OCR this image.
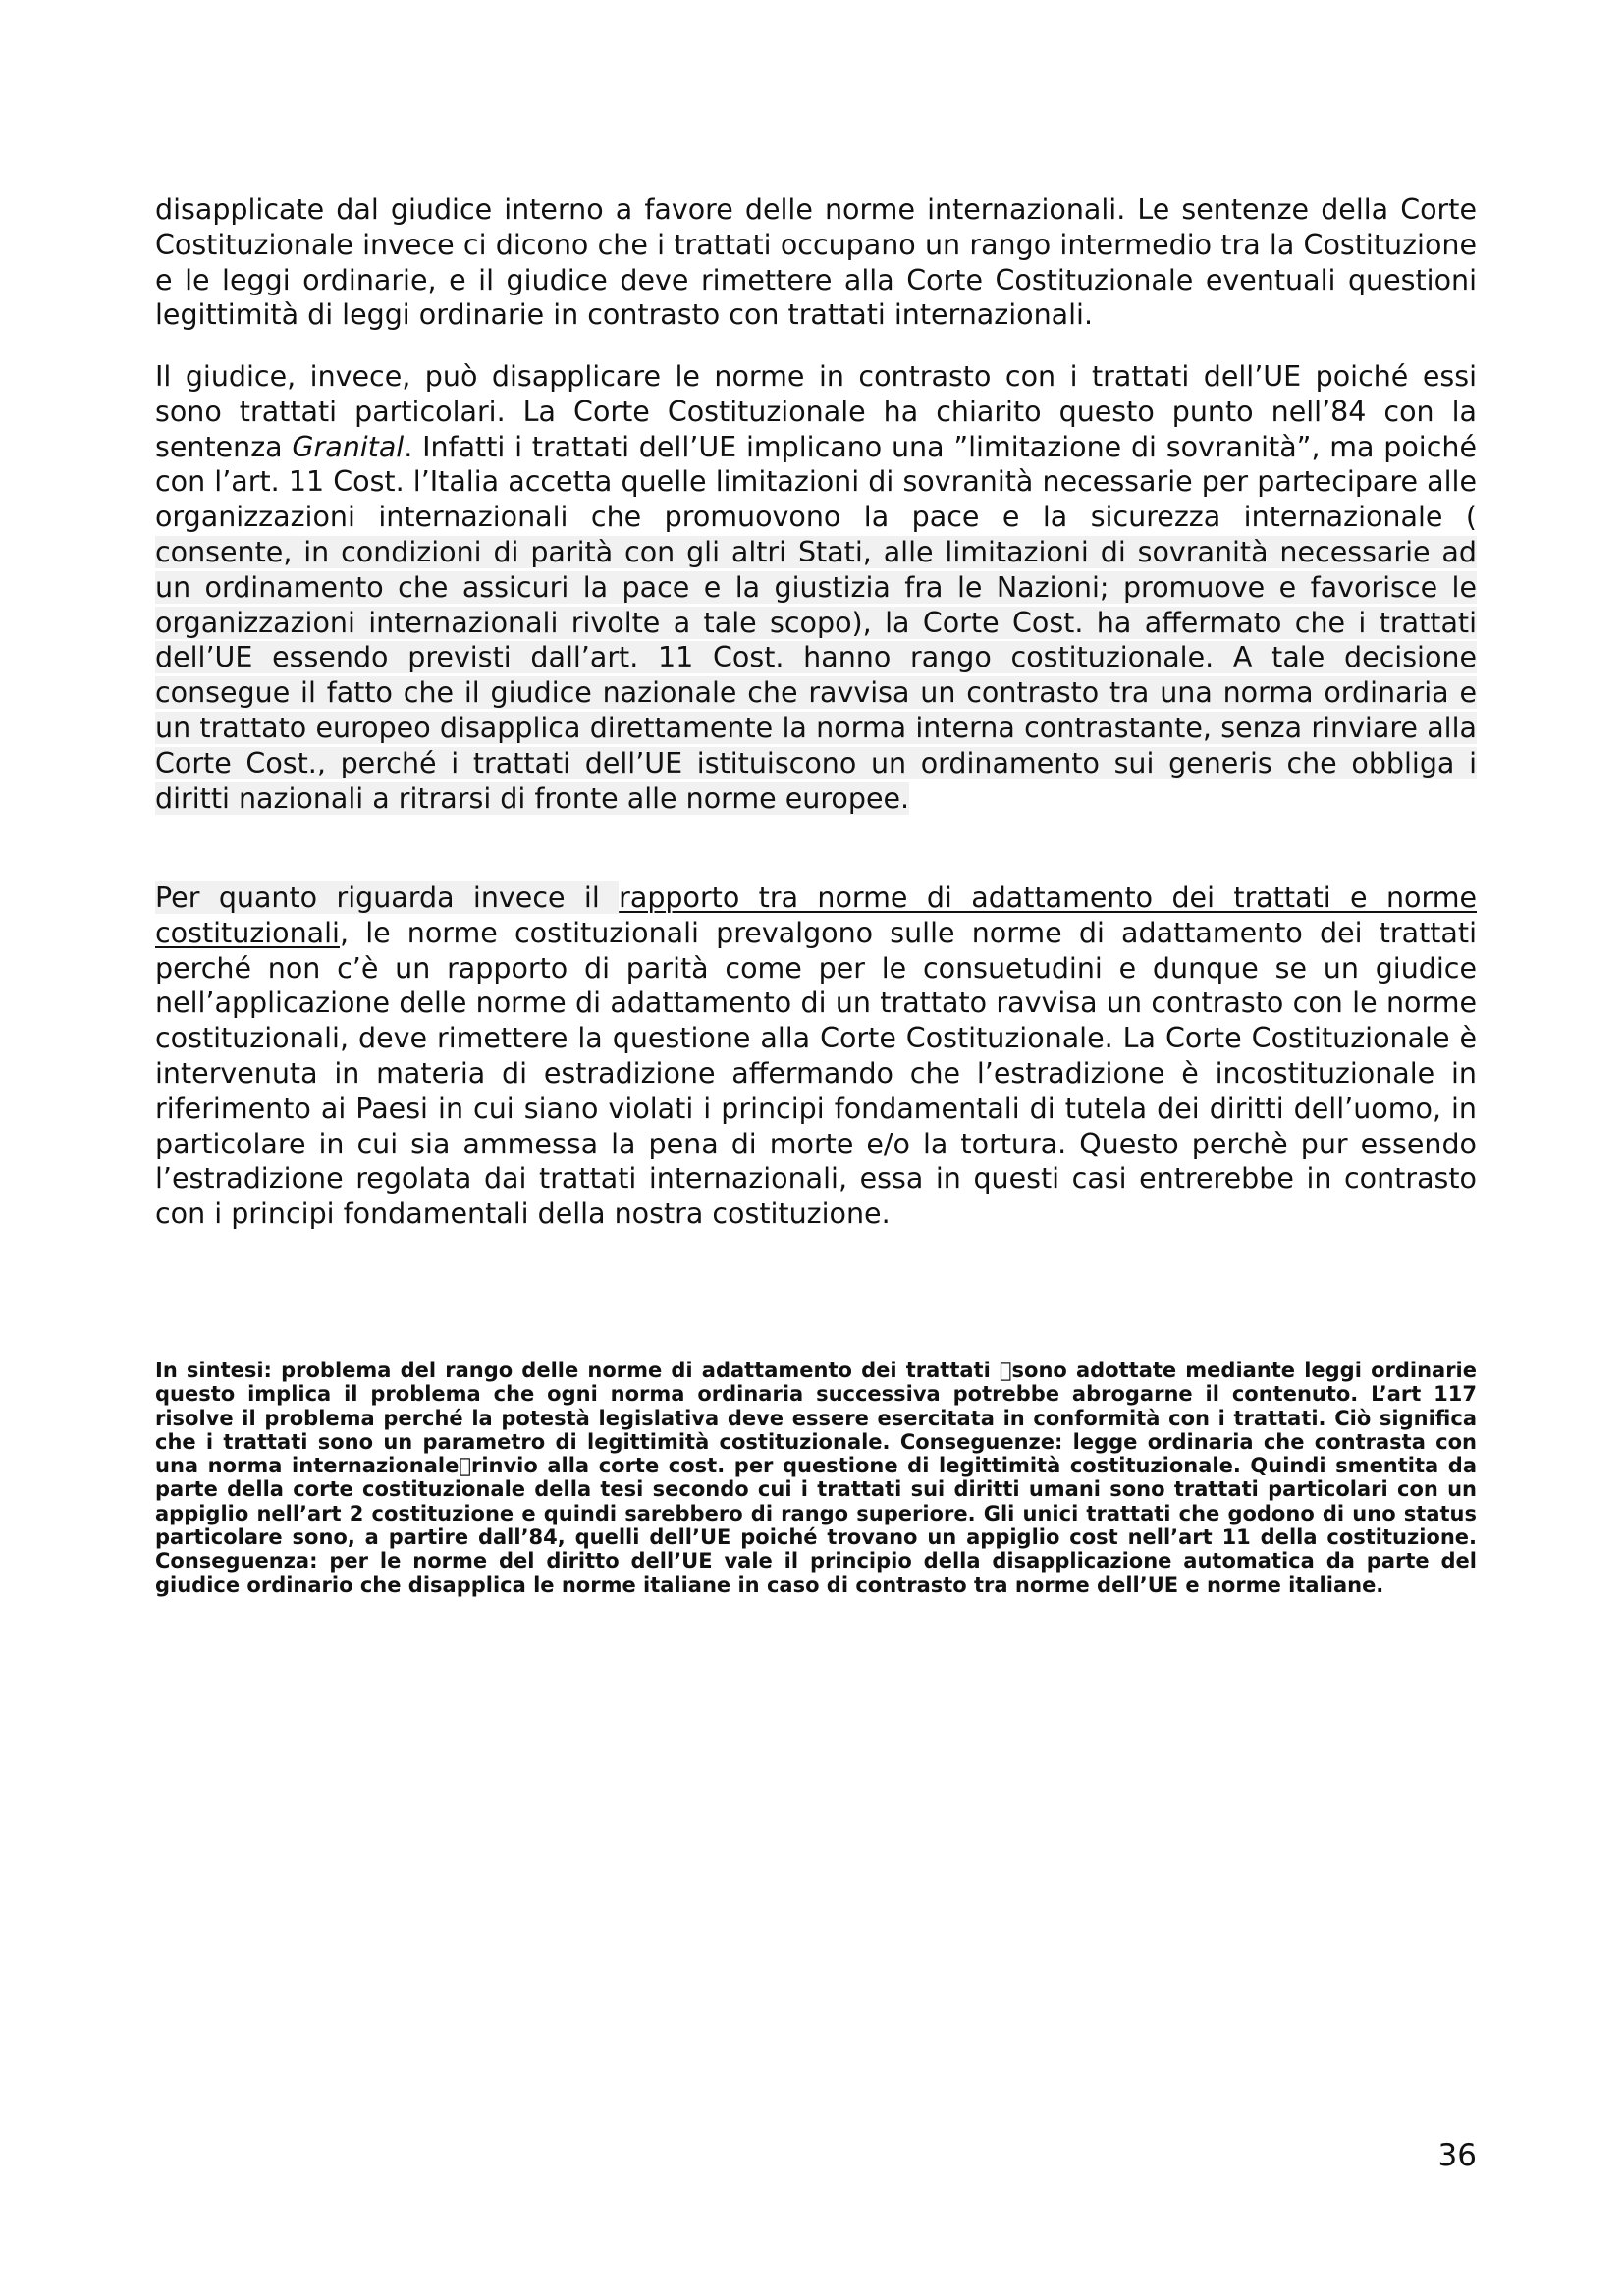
disapplicate dal giudice interno a favore delle norme internazionali. Le sentenze della Corte Costituzionale invece ci dicono che i trattati occupano un rango intermedio tra la Costituzione e le leggi ordinarie, e il giudice deve rimettere alla Corte Costituzionale eventuali questioni legittimità di leggi ordinarie in contrasto con trattati internazionali.

Il giudice, invece, può disapplicare le norme in contrasto con i trattati dell’UE poiché essi sono trattati particolari. La Corte Costituzionale ha chiarito questo punto nell’84 con la sentenza Granital. Infatti i trattati dell’UE implicano una ”limitazione di sovranità”, ma poiché con l’art. 11 Cost. l’Italia accetta quelle limitazioni di sovranità necessarie per partecipare alle organizzazioni internazionali che promuovono la pace e la sicurezza internazionale ( consente, in condizioni di parità con gli altri Stati, alle limitazioni di sovranità necessarie ad un ordinamento che assicuri la pace e la giustizia fra le Nazioni; promuove e favorisce le organizzazioni internazionali rivolte a tale scopo), la Corte Cost. ha affermato che i trattati dell’UE essendo previsti dall’art. 11 Cost. hanno rango costituzionale. A tale decisione consegue il fatto che il giudice nazionale che ravvisa un contrasto tra una norma ordinaria e un trattato europeo disapplica direttamente la norma interna contrastante, senza rinviare alla Corte Cost., perché i trattati dell’UE istituiscono un ordinamento sui generis che obbliga i diritti nazionali a ritrarsi di fronte alle norme europee.

Per quanto riguarda invece il rapporto tra norme di adattamento dei trattati e norme costituzionali, le norme costituzionali prevalgono sulle norme di adattamento dei trattati perché non c’è un rapporto di parità come per le consuetudini e dunque se un giudice nell’applicazione delle norme di adattamento di un trattato ravvisa un contrasto con le norme costituzionali, deve rimettere la questione alla Corte Costituzionale. La Corte Costituzionale è intervenuta in materia di estradizione affermando che l’estradizione è incostituzionale in riferimento ai Paesi in cui siano violati i principi fondamentali di tutela dei diritti dell’uomo, in particolare in cui sia ammessa la pena di morte e/o la tortura. Questo perchè pur essendo l’estradizione regolata dai trattati internazionali, essa in questi casi entrerebbe in contrasto con i principi fondamentali della nostra costituzione.

In sintesi: problema del rango delle norme di adattamento dei trattati sono adottate mediante leggi ordinarie questo implica il problema che ogni norma ordinaria successiva potrebbe abrogarne il contenuto. L’art 117 risolve il problema perché la potestà legislativa deve essere esercitata in conformità con i trattati. Ciò significa che i trattati sono un parametro di legittimità costituzionale. Conseguenze: legge ordinaria che contrasta con una norma internazionale rinvio alla corte cost. per questione di legittimità costituzionale. Quindi smentita da parte della corte costituzionale della tesi secondo cui i trattati sui diritti umani sono trattati particolari con un appiglio nell’art 2 costituzione e quindi sarebbero di rango superiore. Gli unici trattati che godono di uno status particolare sono, a partire dall’84, quelli dell’UE poiché trovano un appiglio cost nell’art 11 della costituzione. Conseguenza: per le norme del diritto dell’UE vale il principio della disapplicazione automatica da parte del giudice ordinario che disapplica le norme italiane in caso di contrasto tra norme dell’UE e norme italiane.

36
